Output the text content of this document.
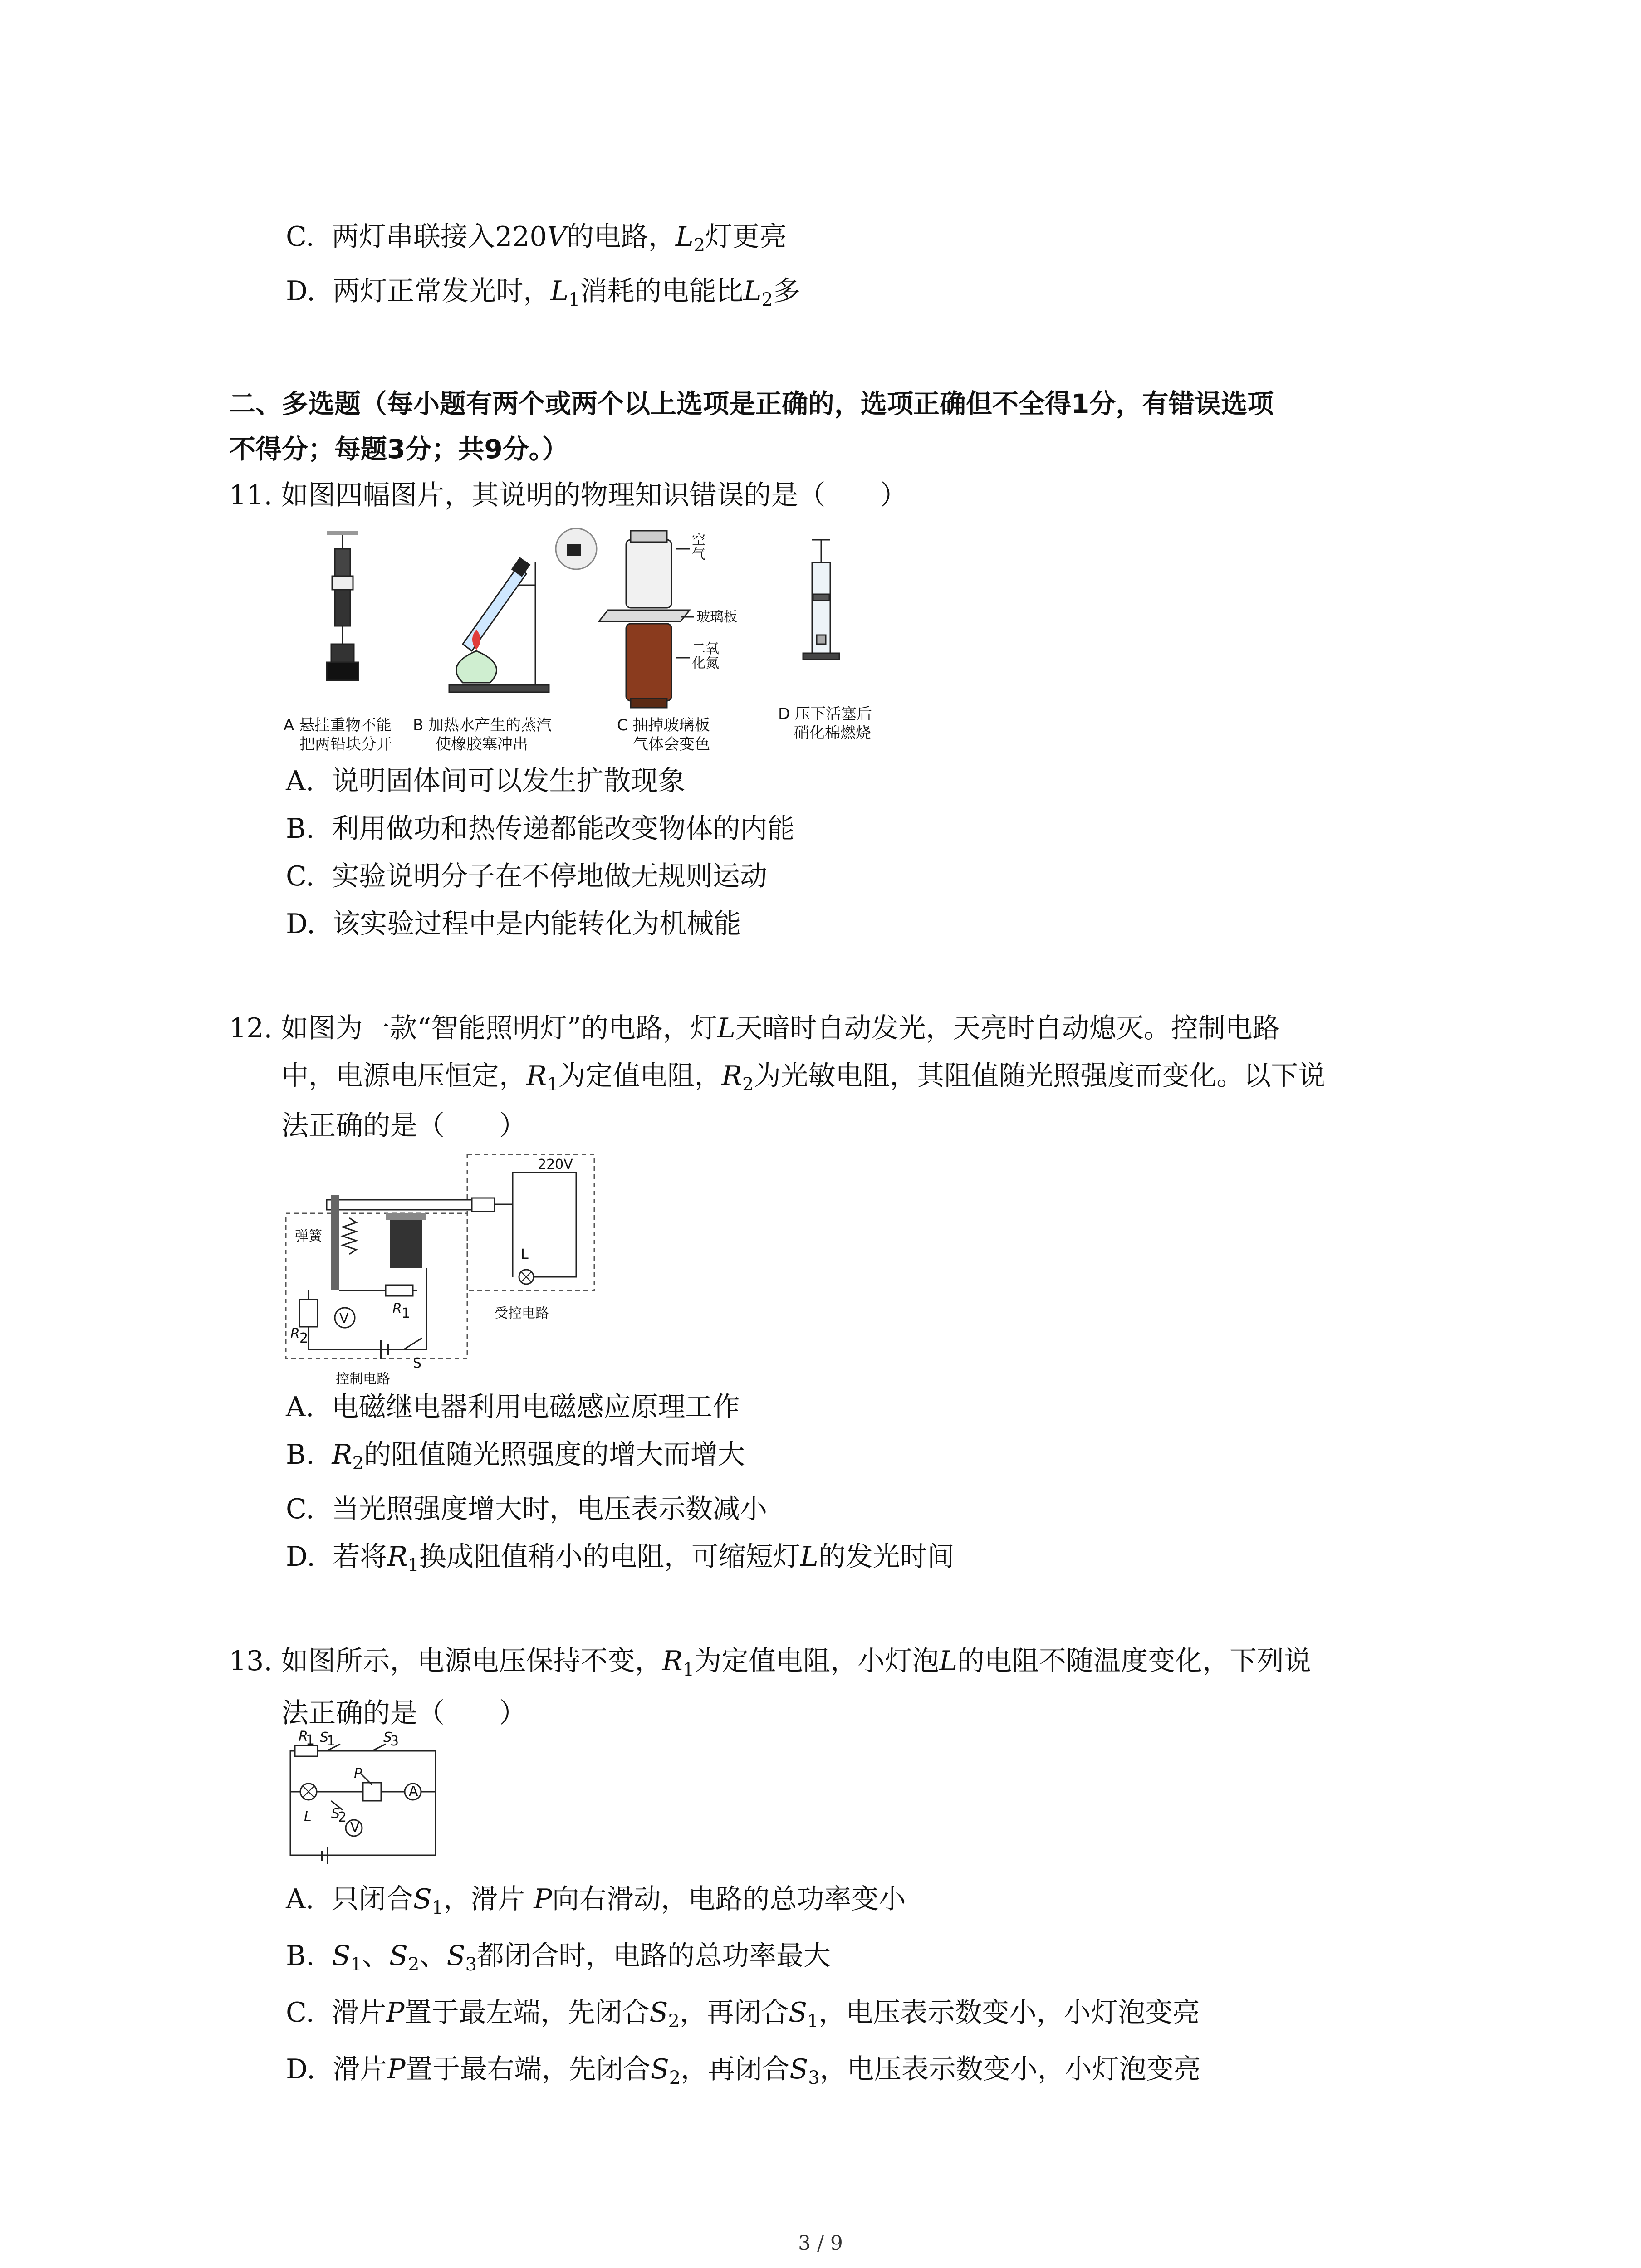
C. 两灯串联接入220V的电路，$L_2$灯更亮
D. 两灯正常发光时，$L_1$消耗的电能比$L_2$多
二、多选题（每小题有两个或两个以上选项是正确的，选项正确但不全得1分，有错误选项
不得分；每题3分；共9分。）
11. 如图四幅图片，其说明的物理知识错误的是（　　）
空
气
玻璃板
二氧
化氮
A 悬挂重物不能
把两铅块分开
B 加热水产生的蒸汽
使橡胶塞冲出
C 抽掉玻璃板
气体会变色
D 压下活塞后
硝化棉燃烧
A. 说明固体间可以发生扩散现象
B. 利用做功和热传递都能改变物体的内能
C. 实验说明分子在不停地做无规则运动
D. 该实验过程中是内能转化为机械能
12. 如图为一款“智能照明灯”的电路，灯L天暗时自动发光，天亮时自动熄灭。控制电路
中，电源电压恒定，$R_1$为定值电阻，$R_2$为光敏电阻，其阻值随光照强度而变化。以下说
法正确的是（　　）
220V
弹簧
L
V
R 1
R 2
S
受控电路
控制电路
A. 电磁继电器利用电磁感应原理工作
B. $R_2$的阻值随光照强度的增大而增大
C. 当光照强度增大时，电压表示数减小
D. 若将$R_1$换成阻值稍小的电阻，可缩短灯L的发光时间
13. 如图所示，电源电压保持不变，$R_1$为定值电阻，小灯泡L的电阻不随温度变化，下列说
法正确的是（　　）
R
1 S
1	S
3
P
S
2
A
V
L
A. 只闭合$S_1$，滑片 P向右滑动，电路的总功率变小
B. $S_1$、$S_2$、$S_3$都闭合时，电路的总功率最大
C. 滑片P置于最左端，先闭合$S_2$，再闭合$S_1$，电压表示数变小，小灯泡变亮
D. 滑片P置于最右端，先闭合$S_2$，再闭合$S_3$，电压表示数变小，小灯泡变亮
3 / 9
